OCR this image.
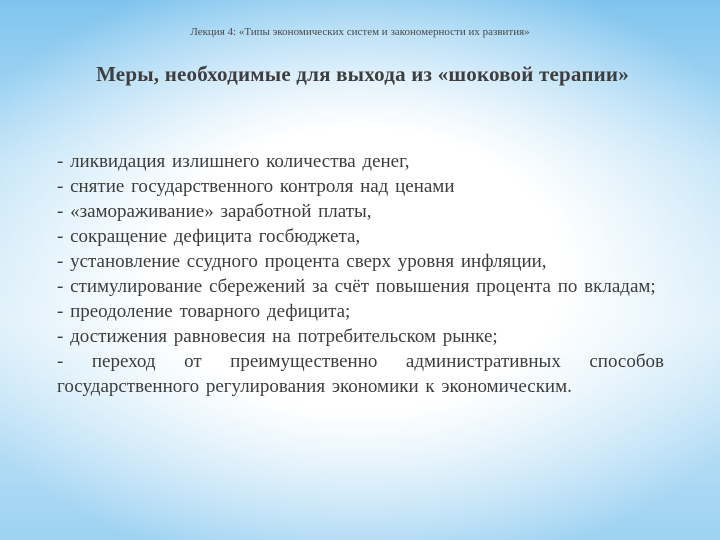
Лекция 4: «Типы экономических систем и закономерности их развития»
Меры, необходимые для выхода из «шоковой терапии»
- ликвидация излишнего количества денег,
- снятие государственного контроля над ценами
- «замораживание» заработной платы,
- сокращение дефицита госбюджета,
- установление ссудного процента сверх уровня инфляции,
- стимулирование сбережений за счёт повышения процента по вкладам;
- преодоление товарного дефицита;
- достижения равновесия на потребительском рынке;
- переход от преимущественно административных способов государственного регулирования экономики к экономическим.
